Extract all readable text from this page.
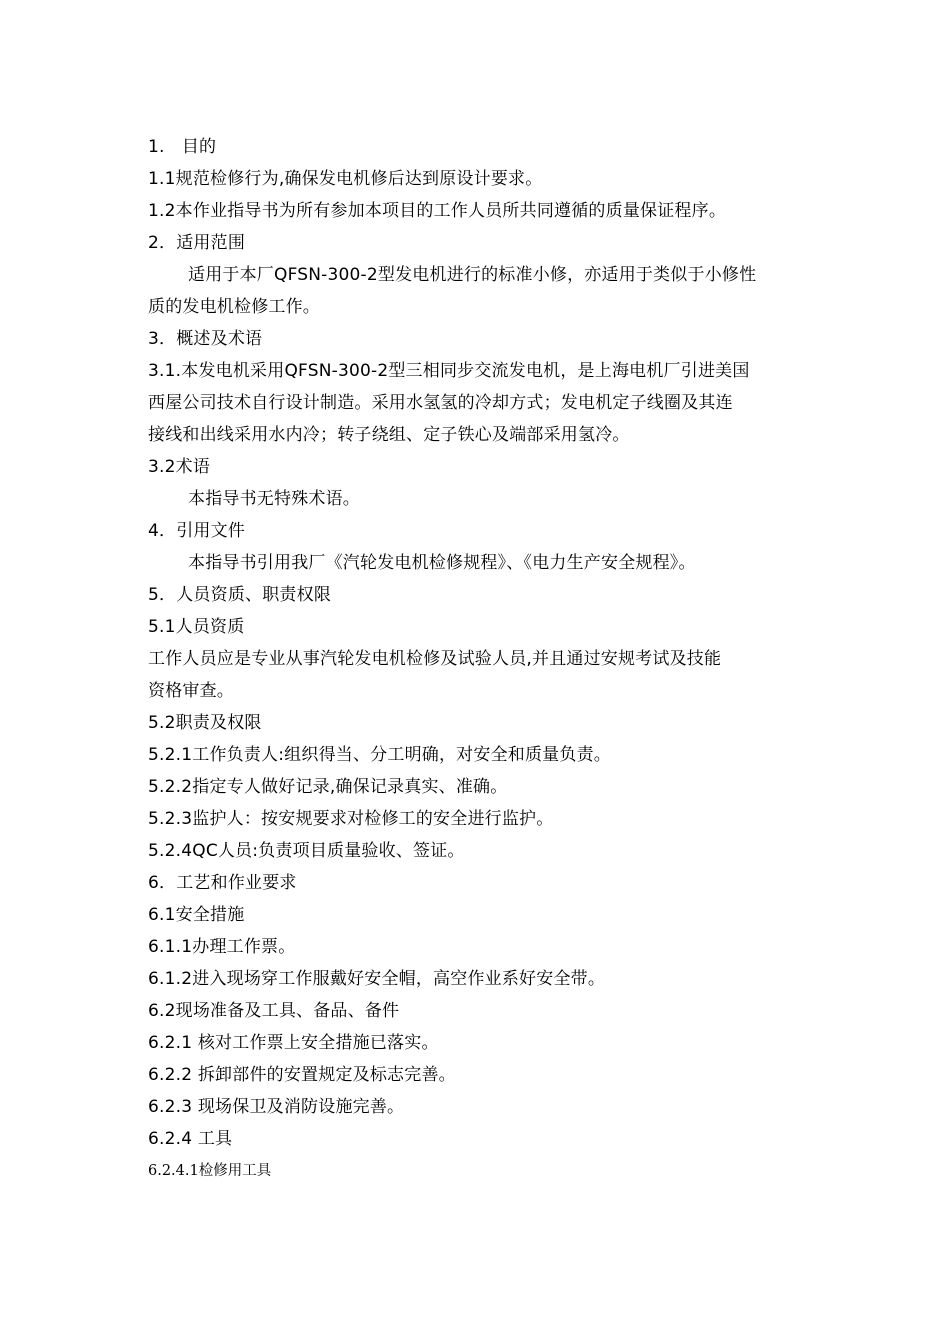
1.　目的
1.1规范检修行为,确保发电机修后达到原设计要求。
1.2本作业指导书为所有参加本项目的工作人员所共同遵循的质量保证程序。
2．适用范围
适用于本厂QFSN-300-2型发电机进行的标准小修，亦适用于类似于小修性
质的发电机检修工作。
3．概述及术语
3.1.本发电机采用QFSN-300-2型三相同步交流发电机，是上海电机厂引进美国
西屋公司技术自行设计制造。采用水氢氢的冷却方式；发电机定子线圈及其连
接线和出线采用水内冷；转子绕组、定子铁心及端部采用氢冷。
3.2术语
本指导书无特殊术语。
4．引用文件
本指导书引用我厂《汽轮发电机检修规程》、《电力生产安全规程》。
5．人员资质、职责权限
5.1人员资质
工作人员应是专业从事汽轮发电机检修及试验人员,并且通过安规考试及技能
资格审查。
5.2职责及权限
5.2.1工作负责人:组织得当、分工明确，对安全和质量负责。
5.2.2指定专人做好记录,确保记录真实、准确。
5.2.3监护人：按安规要求对检修工的安全进行监护。
5.2.4QC人员:负责项目质量验收、签证。
6．工艺和作业要求
6.1安全措施
6.1.1办理工作票。
6.1.2进入现场穿工作服戴好安全帽，高空作业系好安全带。
6.2现场准备及工具、备品、备件
6.2.1 核对工作票上安全措施已落实。
6.2.2 拆卸部件的安置规定及标志完善。
6.2.3 现场保卫及消防设施完善。
6.2.4 工具
6.2.4.1检修用工具
